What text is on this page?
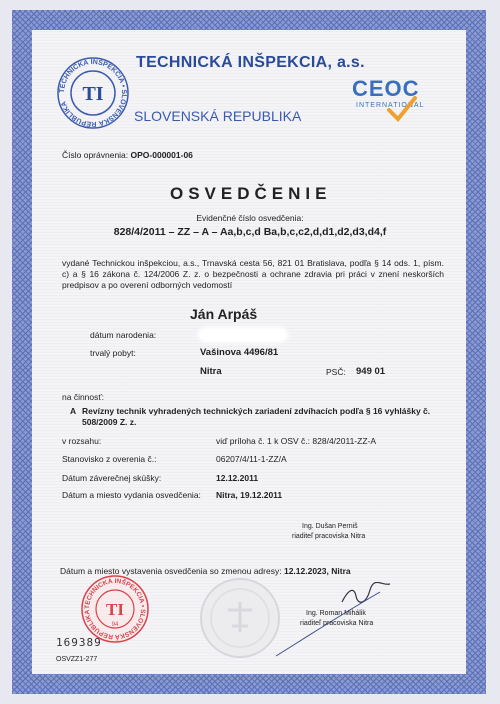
TECHNICKÁ INŠPEKCIA • SLOVENSKÁ REPUBLIKA TI
TECHNICKÁ INŠPEKCIA, a.s.
CEOC
INTERNATIONAL
SLOVENSKÁ REPUBLIKA
Číslo oprávnenia: OPO-000001-06
OSVEDČENIE
Evidenčné číslo osvedčenia:
828/4/2011 – ZZ – A – Aa,b,c,d Ba,b,c,c2,d,d1,d2,d3,d4,f
vydané Technickou inšpekciou, a.s., Trnavská cesta 56, 821 01 Bratislava, podľa § 14 ods. 1, písm. c) a § 16 zákona č. 124/2006 Z. z. o bezpečnosti a ochrane zdravia pri práci v znení neskorších predpisov a po overení odborných vedomostí
Ján Arpáš
dátum narodenia:
trvalý pobyt:	Vašinova 4496/81
Nitra	PSČ: 949 01
na činnosť:
A Revízny technik vyhradených technických zariadení zdvíhacích podľa § 16 vyhlášky č. 508/2009 Z. z.
v rozsahu:	viď príloha č. 1 k OSV č.: 828/4/2011-ZZ-A
Stanovisko z overenia č.:	06207/4/11-1-ZZ/A
Dátum záverečnej skúšky:	12.12.2011
Dátum a miesto vydania osvedčenia: Nitra, 19.12.2011
Ing. Dušan Perniš
riaditeľ pracoviska Nitra
Dátum a miesto vystavenia osvedčenia so zmenou adresy: 12.12.2023, Nitra
TECHNICKÁ INŠPEKCIA • SLOVENSKÁ REPUBLIKA TI
94
Ing. Roman Mihálik
riaditeľ pracoviska Nitra
169389
OSVZZ1-277
